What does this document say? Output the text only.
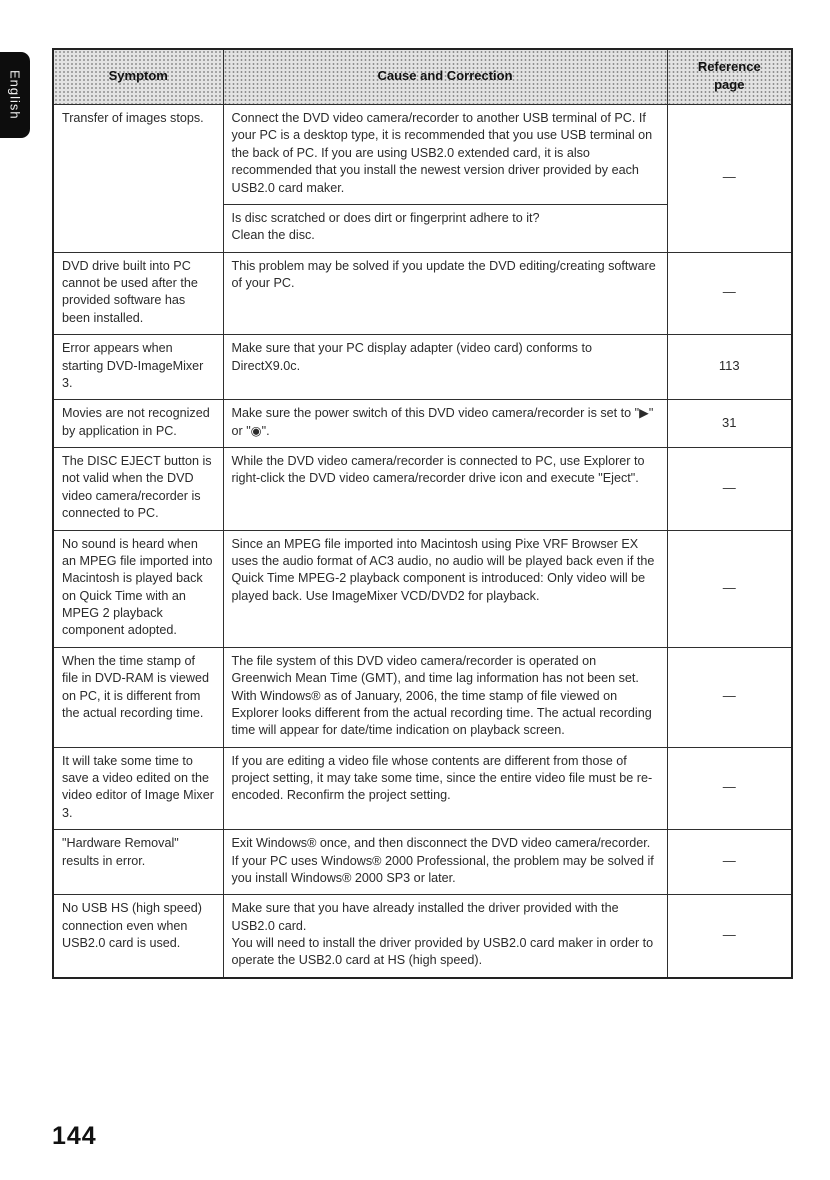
English	Symptom	Cause and Correction	Reference
page
Transfer of images stops.	Connect the DVD video camera/recorder to another USB terminal of PC. If your PC is a desktop type, it is recommended that you use USB terminal on the back of PC. If you are using USB2.0 extended card, it is also recommended that you install the newest version driver provided by each USB2.0 card maker.	—
	Is disc scratched or does dirt or fingerprint adhere to it?
Clean the disc.	
DVD drive built into PC cannot be used after the provided software has been installed.	This problem may be solved if you update the DVD editing/creating software of your PC.	—
Error appears when starting DVD-ImageMixer 3.	Make sure that your PC display adapter (video card) conforms to DirectX9.0c.	113
Movies are not recognized by application in PC.	Make sure the power switch of this DVD video camera/recorder is set to "▶" or "◉".	31
The DISC EJECT button is not valid when the DVD video camera/recorder is connected to PC.	While the DVD video camera/recorder is connected to PC, use Explorer to right-click the DVD video camera/recorder drive icon and execute "Eject".	—
No sound is heard when an MPEG file imported into Macintosh is played back on Quick Time with an MPEG 2 playback component adopted.	Since an MPEG file imported into Macintosh using Pixe VRF Browser EX uses the audio format of AC3 audio, no audio will be played back even if the Quick Time MPEG-2 playback component is introduced: Only video will be played back. Use ImageMixer VCD/DVD2 for playback.	—
When the time stamp of file in DVD-RAM is viewed on PC, it is different from the actual recording time.	The file system of this DVD video camera/recorder is operated on Greenwich Mean Time (GMT), and time lag information has not been set. With Windows® as of January, 2006, the time stamp of file viewed on Explorer looks different from the actual recording time. The actual recording time will appear for date/time indication on playback screen.	—
It will take some time to save a video edited on the video editor of Image Mixer 3.	If you are editing a video file whose contents are different from those of project setting, it may take some time, since the entire video file must be re-encoded. Reconfirm the project setting.	—
"Hardware Removal" results in error.	Exit Windows® once, and then disconnect the DVD video camera/recorder. If your PC uses Windows® 2000 Professional, the problem may be solved if you install Windows® 2000 SP3 or later.	—
No USB HS (high speed) connection even when USB2.0 card is used.	Make sure that you have already installed the driver provided with the USB2.0 card.
You will need to install the driver provided by USB2.0 card maker in order to operate the USB2.0 card at HS (high speed).	—
144
